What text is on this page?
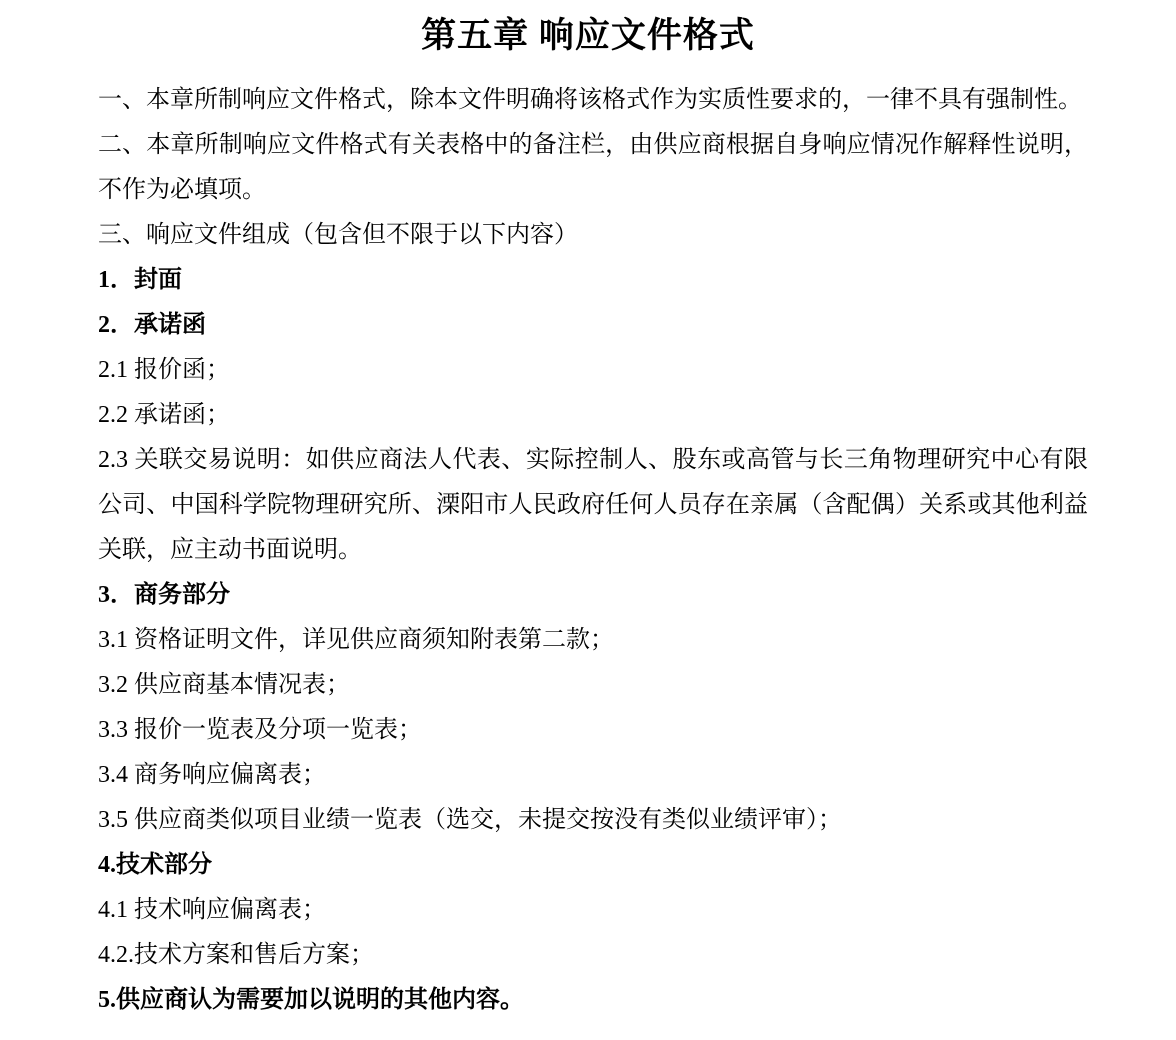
第五章 响应文件格式

一、本章所制响应文件格式，除本文件明确将该格式作为实质性要求的，一律不具有强制性。

二、本章所制响应文件格式有关表格中的备注栏，由供应商根据自身响应情况作解释性说明，不作为必填项。

三、响应文件组成（包含但不限于以下内容）

1．封面

2．承诺函

2.1 报价函；

2.2 承诺函；

2.3 关联交易说明：如供应商法人代表、实际控制人、股东或高管与长三角物理研究中心有限公司、中国科学院物理研究所、溧阳市人民政府任何人员存在亲属（含配偶）关系或其他利益关联，应主动书面说明。

3．商务部分

3.1 资格证明文件，详见供应商须知附表第二款；

3.2 供应商基本情况表；

3.3 报价一览表及分项一览表；

3.4 商务响应偏离表；

3.5 供应商类似项目业绩一览表（选交，未提交按没有类似业绩评审）；

4.技术部分

4.1 技术响应偏离表；

4.2.技术方案和售后方案；

5.供应商认为需要加以说明的其他内容。
